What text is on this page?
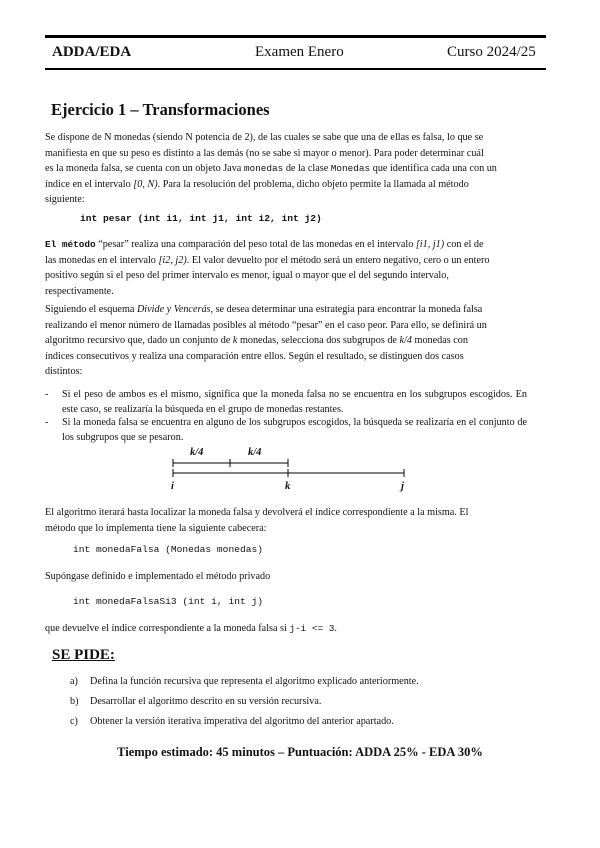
ADDA/EDA	Examen Enero	Curso 2024/25
Ejercicio 1 – Transformaciones
Se dispone de N monedas (siendo N potencia de 2), de las cuales se sabe que una de ellas es falsa, lo que se
manifiesta en que su peso es distinto a las demás (no se sabe si mayor o menor). Para poder determinar cuál
es la moneda falsa, se cuenta con un objeto Java monedas de la clase Monedas que identifica cada una con un
índice en el intervalo [0, N). Para la resolución del problema, dicho objeto permite la llamada al método
siguiente:
int pesar (int i1, int j1, int i2, int j2)
El método “pesar” realiza una comparación del peso total de las monedas en el intervalo [i1, j1) con el de
las monedas en el intervalo [i2, j2). El valor devuelto por el método será un entero negativo, cero o un entero
positivo según si el peso del primer intervalo es menor, igual o mayor que el del segundo intervalo,
respectivamente.
Siguiendo el esquema Divide y Vencerás, se desea determinar una estrategia para encontrar la moneda falsa
realizando el menor número de llamadas posibles al método “pesar” en el caso peor. Para ello, se definirá un
algoritmo recursivo que, dado un conjunto de k monedas, selecciona dos subgrupos de k/4 monedas con
índices consecutivos y realiza una comparación entre ellos. Según el resultado, se distinguen dos casos
distintos:
- Si el peso de ambos es el mismo, significa que la moneda falsa no se encuentra en los subgrupos escogidos. En este caso, se realizaría la búsqueda en el grupo de monedas restantes.
- Si la moneda falsa se encuentra en alguno de los subgrupos escogidos, la búsqueda se realizaría en el conjunto de los subgrupos que se pesaron.
k/4	k/4
i	k	j
El algoritmo iterará hasta localizar la moneda falsa y devolverá el índice correspondiente a la misma. El
método que lo implementa tiene la siguiente cabecera:
int monedaFalsa (Monedas monedas)
Supóngase definido e implementado el método privado
int monedaFalsaSi3 (int i, int j)
que devuelve el índice correspondiente a la moneda falsa si j-i <= 3.
SE PIDE:
a) Defina la función recursiva que representa el algoritmo explicado anteriormente.
b) Desarrollar el algoritmo descrito en su versión recursiva.
c) Obtener la versión iterativa imperativa del algoritmo del anterior apartado.
Tiempo estimado: 45 minutos – Puntuación: ADDA 25% - EDA 30%
